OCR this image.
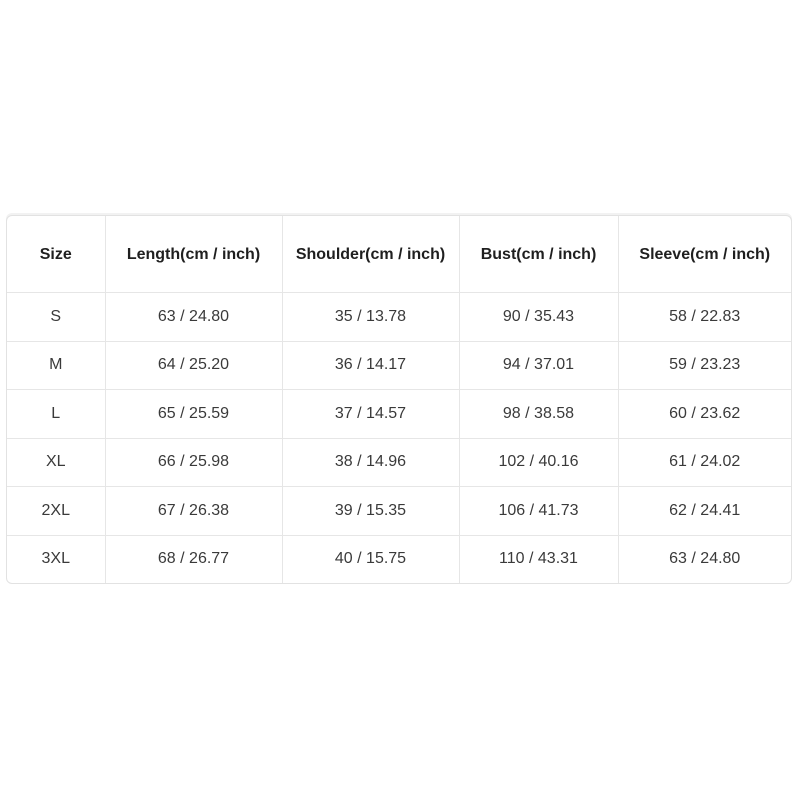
Size	Length(cm / inch)	Shoulder(cm / inch)	Bust(cm / inch)	Sleeve(cm / inch)
S	63 / 24.80	35 / 13.78	90 / 35.43	58 / 22.83
M	64 / 25.20	36 / 14.17	94 / 37.01	59 / 23.23
L	65 / 25.59	37 / 14.57	98 / 38.58	60 / 23.62
XL	66 / 25.98	38 / 14.96	102 / 40.16	61 / 24.02
2XL	67 / 26.38	39 / 15.35	106 / 41.73	62 / 24.41
3XL	68 / 26.77	40 / 15.75	110 / 43.31	63 / 24.80
